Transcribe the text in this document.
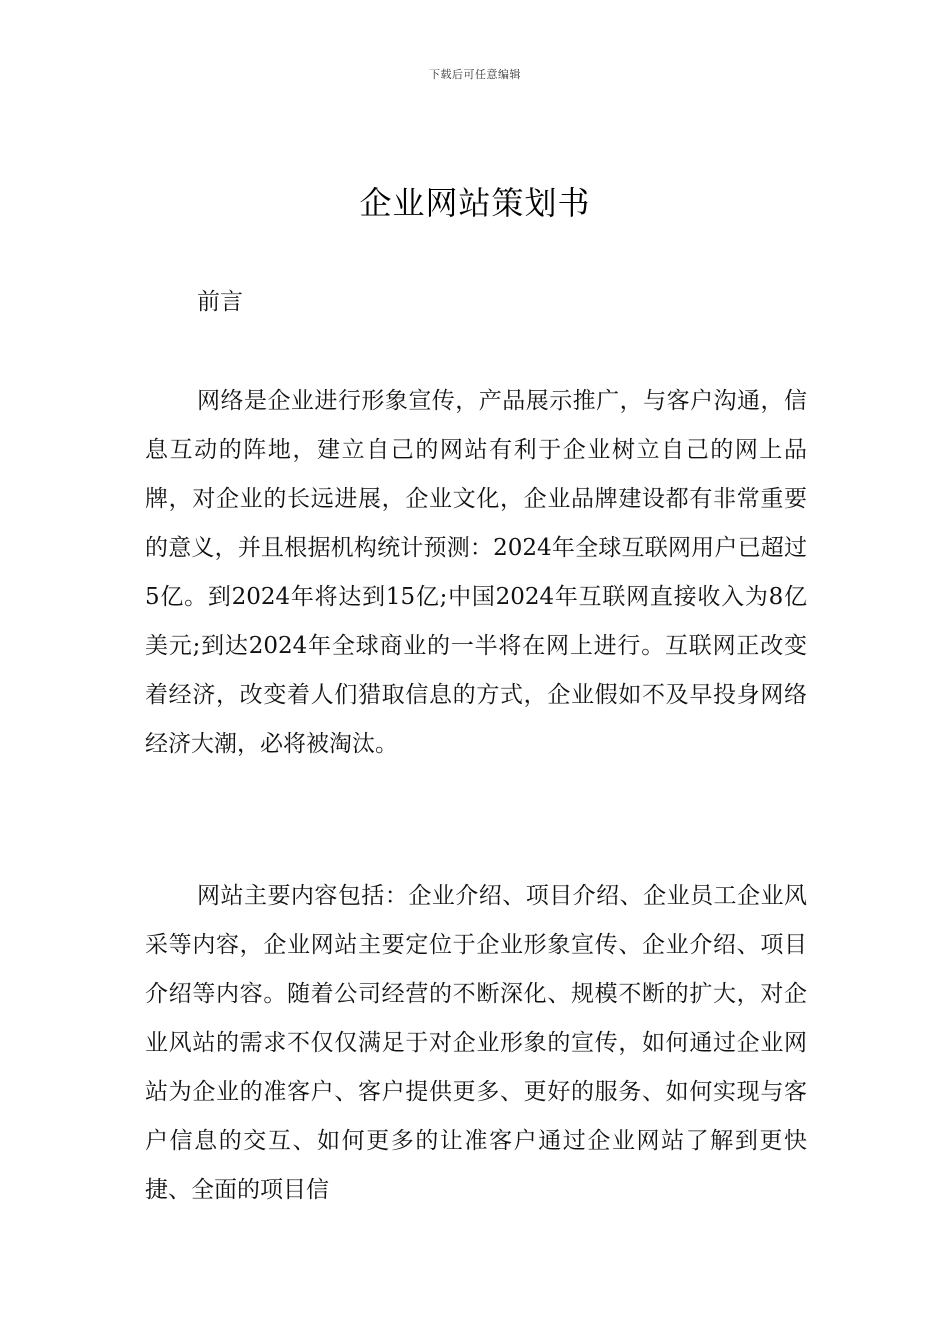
下载后可任意编辑
企业网站策划书
前言

网络是企业进行形象宣传，产品展示推广，与客户沟通，信息互动的阵地，建立自己的网站有利于企业树立自己的网上品牌，对企业的长远进展，企业文化，企业品牌建设都有非常重要的意义，并且根据机构统计预测：2024年全球互联网用户已超过5亿。到2024年将达到15亿;中国2024年互联网直接收入为8亿美元;到达2024年全球商业的一半将在网上进行。互联网正改变着经济，改变着人们猎取信息的方式，企业假如不及早投身网络经济大潮，必将被淘汰。

网站主要内容包括：企业介绍、项目介绍、企业员工企业风采等内容，企业网站主要定位于企业形象宣传、企业介绍、项目介绍等内容。随着公司经营的不断深化、规模不断的扩大，对企业风站的需求不仅仅满足于对企业形象的宣传，如何通过企业网站为企业的准客户、客户提供更多、更好的服务、如何实现与客户信息的交互、如何更多的让准客户通过企业网站了解到更快捷、全面的项目信
